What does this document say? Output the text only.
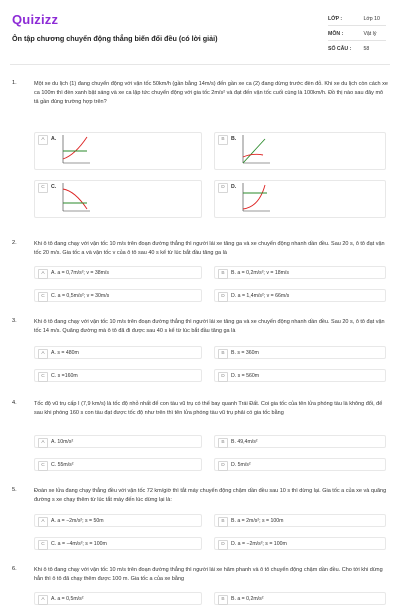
Quizizz
Ôn tập chương chuyển động thẳng biến đổi đều (có lời giải)
LỚP :	Lớp 10
MÔN :	Vật lý
SỐ CÂU : 58
1.	Một xe du lịch (1) đang chuyển động với vận tốc 50km/h (gần bằng 14m/s) đến gần xe ca (2) đang dừng trước đèn đỏ. Khi xe du lịch còn cách xe ca 100m thì đèn xanh bật sáng và xe ca lập tức chuyển động với gia tốc 2m/s² và đạt đến vận tốc cuối cùng là 100km/h. Đồ thị nào sau đây mô tả gần đúng trường hợp trên?
A	A.	B	B.
C	C.	D	D.
2.	Khi ô tô đang chạy với vận tốc 10 m/s trên đoạn đường thẳng thì người lái xe tăng ga và xe chuyển động nhanh dần đều. Sau 20 s, ô tô đạt vận tốc 20 m/s. Gia tốc a và vận tốc v của ô tô sau 40 s kể từ lúc bắt đầu tăng ga là
A	A. a = 0,7m/s²; v = 38m/s	B	B. a = 0,2m/s²; v = 18m/s
C	C. a = 0,5m/s²; v = 30m/s	D	D. a = 1,4m/s²; v = 66m/s
3.	Khi ô tô đang chạy với vận tốc 10 m/s trên đoạn đường thẳng thì người lái xe tăng ga và xe chuyển động nhanh dần đều. Sau 20 s, ô tô đạt vận tốc 14 m/s. Quãng đường mà ô tô đã đi được sau 40 s kể từ lúc bắt đầu tăng ga là
A	A. s = 480m	B	B. s = 360m
C	C. s =160m	D	D. s = 560m
4.	Tốc độ vũ trụ cấp I (7,9 km/s) là tốc độ nhỏ nhất để con tàu vũ trụ có thể bay quanh Trái Đất. Coi gia tốc của tên lửa phóng tàu là không đổi, để sau khi phóng 160 s con tàu đạt được tốc độ như trên thì tên lửa phóng tàu vũ trụ phải có gia tốc bằng
A	A. 10m/s²	B	B. 49,4m/s²
C	C. 55m/s²	D	D. 5m/s²
5.	Đoàn xe lửa đang chạy thẳng đều với vận tốc 72 km/giờ thì tắt máy chuyển động chậm dần đều sau 10 s thì dừng lại. Gia tốc a của xe và quãng đường s xe chạy thêm từ lúc tắt máy đến lúc dừng lại là:
A	A. a = −2m/s²; s = 50m	B	B. a = 2m/s²; s = 100m
C	C. a = −4m/s²; s = 100m	D	D. a = −2m/s²; s = 100m
6.	Khi ô tô đang chạy với vận tốc 10 m/s trên đoạn đường thẳng thì người lái xe hãm phanh và ô tô chuyển động chậm dần đều. Cho tới khi dừng hẳn thì ô tô đã chạy thêm được 100 m. Gia tốc a của xe bằng
A	A. a = 0,5m/s²	B	B. a = 0,2m/s²
